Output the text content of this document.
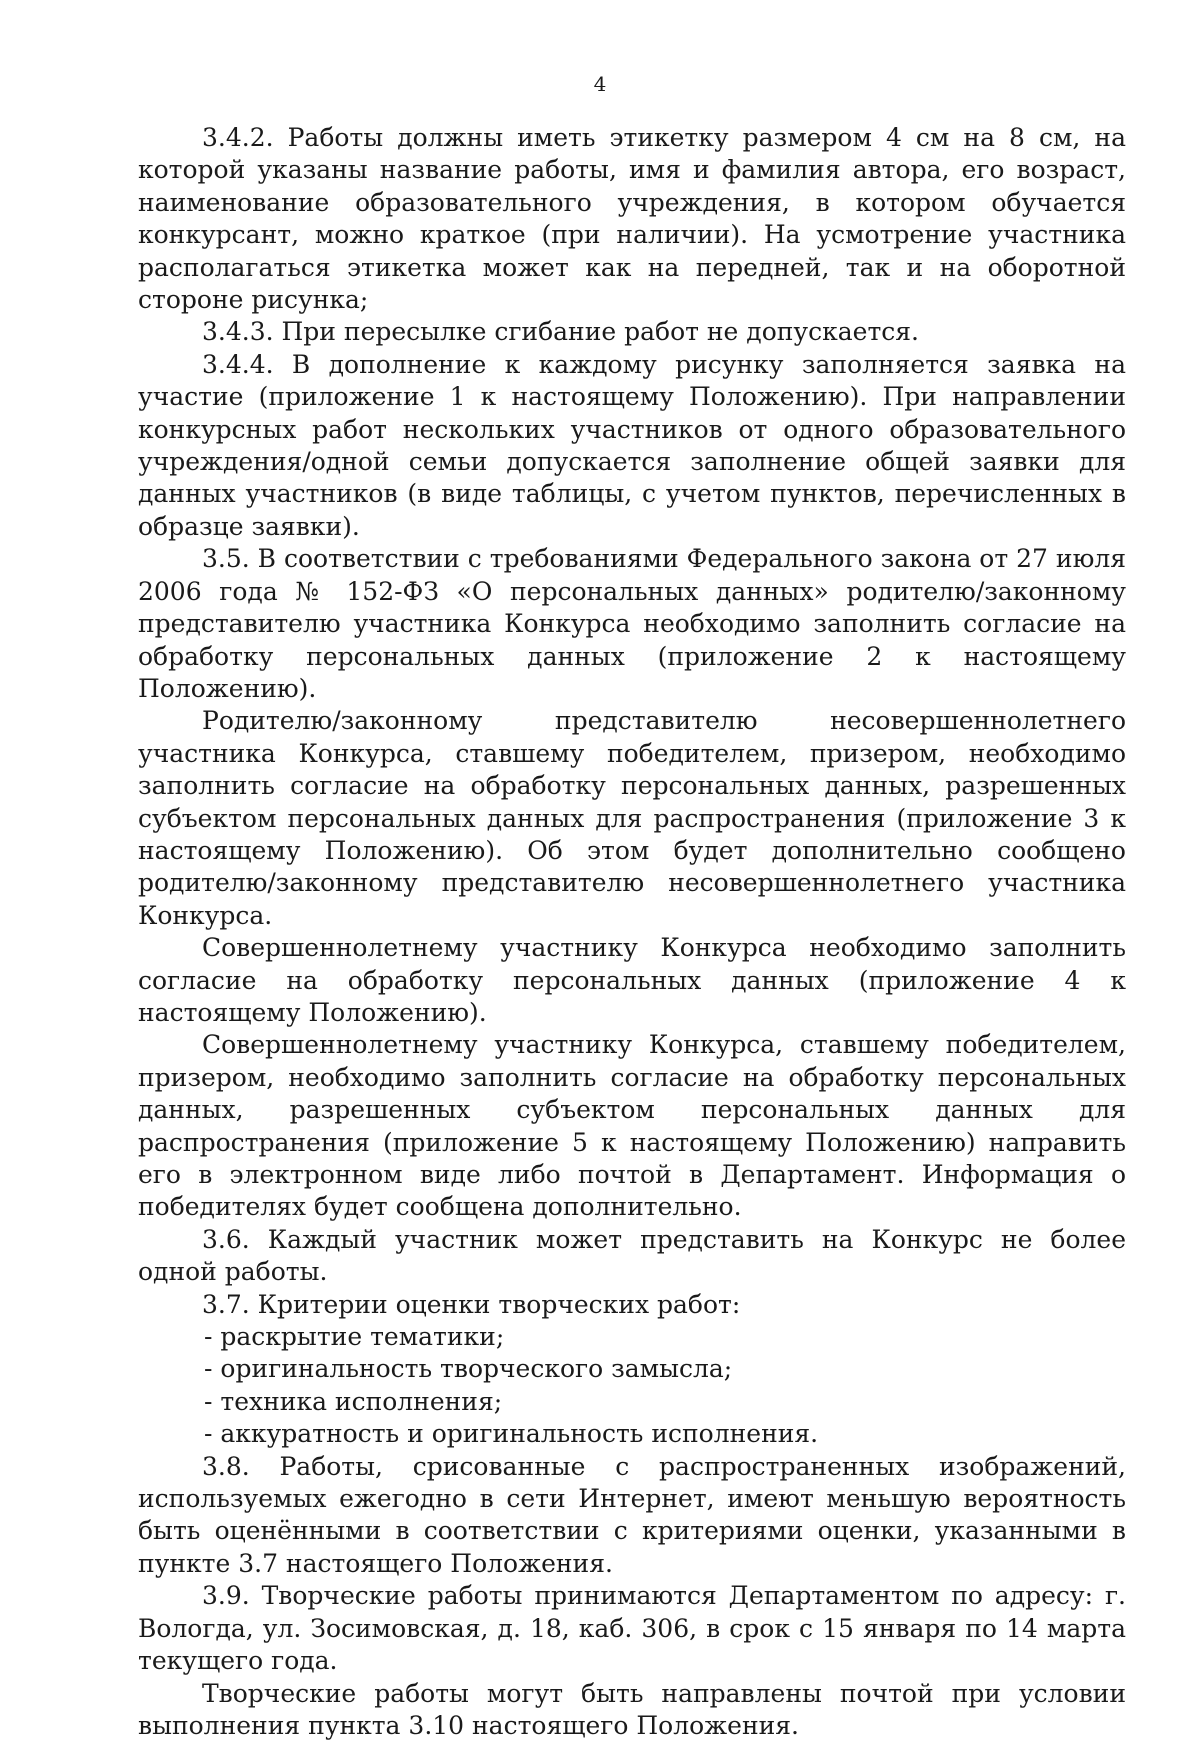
4

3.4.2. Работы должны иметь этикетку размером 4 см на 8 см, на которой указаны название работы, имя и фамилия автора, его возраст, наименование образовательного учреждения, в котором обучается конкурсант, можно краткое (при наличии). На усмотрение участника располагаться этикетка может как на передней, так и на оборотной стороне рисунка;

3.4.3. При пересылке сгибание работ не допускается.

3.4.4. В дополнение к каждому рисунку заполняется заявка на участие (приложение 1 к настоящему Положению). При направлении конкурсных работ нескольких участников от одного образовательного учреждения/одной семьи допускается заполнение общей заявки для данных участников (в виде таблицы, с учетом пунктов, перечисленных в образце заявки).

3.5. В соответствии с требованиями Федерального закона от 27 июля 2006 года № 152-ФЗ «О персональных данных» родителю/законному представителю участника Конкурса необходимо заполнить согласие на обработку персональных данных (приложение 2 к настоящему Положению).

Родителю/законному представителю несовершеннолетнего участника Конкурса, ставшему победителем, призером, необходимо заполнить согласие на обработку персональных данных, разрешенных субъектом персональных данных для распространения (приложение 3 к настоящему Положению). Об этом будет дополнительно сообщено родителю/законному представителю несовершеннолетнего участника Конкурса.

Совершеннолетнему участнику Конкурса необходимо заполнить согласие на обработку персональных данных (приложение 4 к настоящему Положению).

Совершеннолетнему участнику Конкурса, ставшему победителем, призером, необходимо заполнить согласие на обработку персональных данных, разрешенных субъектом персональных данных для распространения (приложение 5 к настоящему Положению) направить его в электронном виде либо почтой в Департамент. Информация о победителях будет сообщена дополнительно.

3.6. Каждый участник может представить на Конкурс не более одной работы.

3.7. Критерии оценки творческих работ:

- раскрытие тематики;

- оригинальность творческого замысла;

- техника исполнения;

- аккуратность и оригинальность исполнения.

3.8. Работы, срисованные с распространенных изображений, используемых ежегодно в сети Интернет, имеют меньшую вероятность быть оценёнными в соответствии с критериями оценки, указанными в пункте 3.7 настоящего Положения.

3.9. Творческие работы принимаются Департаментом по адресу: г. Вологда, ул. Зосимовская, д. 18, каб. 306, в срок с 15 января по 14 марта текущего года.

Творческие работы могут быть направлены почтой при условии выполнения пункта 3.10 настоящего Положения.
